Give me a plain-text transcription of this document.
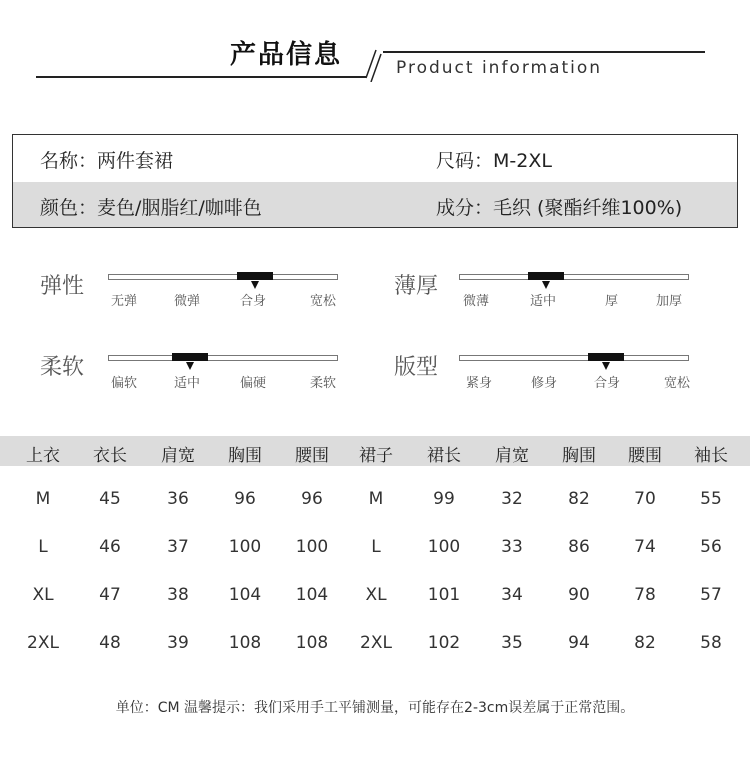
产品信息	Product information
名称：两件套裙	尺码：M-2XL
颜色：麦色/胭脂红/咖啡色	成分：毛织 (聚酯纤维100%)
弹性
无弹	微弹	合身	宽松
薄厚
微薄	适中	厚	加厚
柔软
偏软	适中	偏硬	柔软
版型
紧身	修身	合身	宽松
上衣	衣长	肩宽	胸围	腰围	裙子	裙长	肩宽	胸围	腰围	袖长
M	45	36	96	96	M	99	32	82	70	55
L	46	37	100	100	L	100	33	86	74	56
XL	47	38	104	104	XL	101	34	90	78	57
2XL	48	39	108	108	2XL	102	35	94	82	58
单位：CM 温馨提示：我们采用手工平铺测量，可能存在2-3cm误差属于正常范围。
